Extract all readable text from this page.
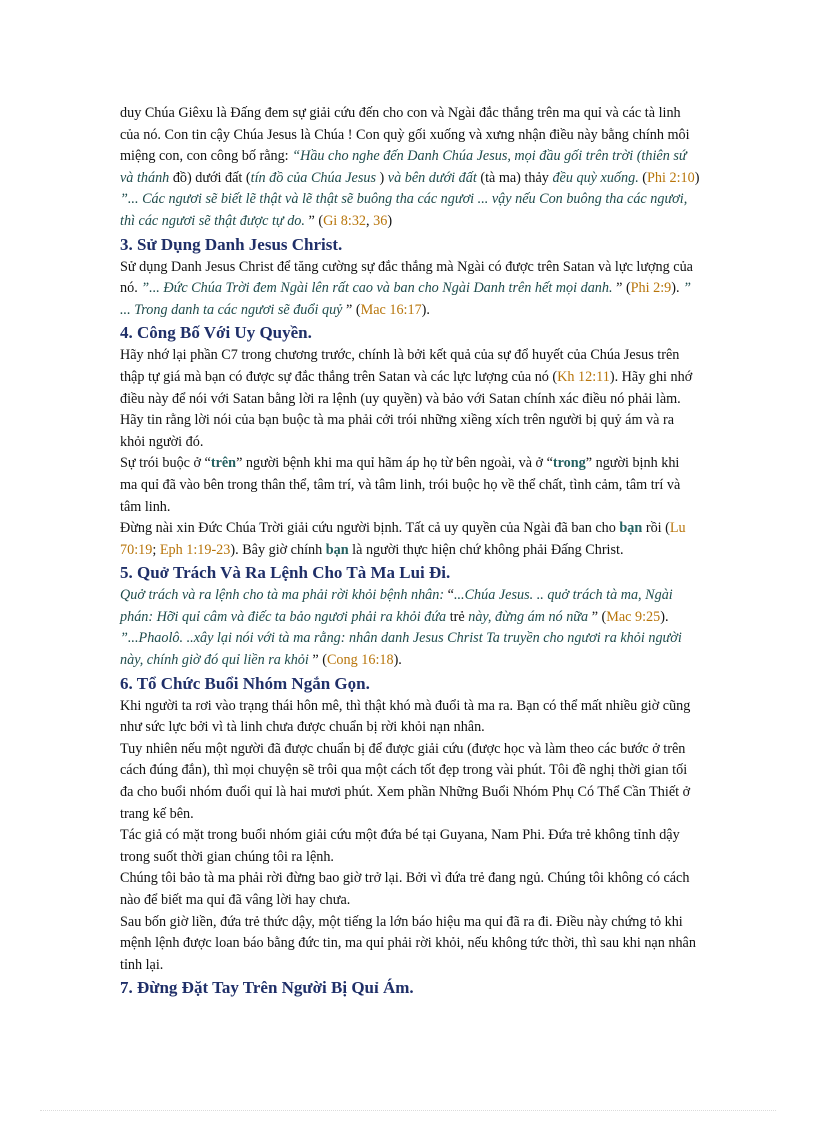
duy Chúa Giêxu là Đấng đem sự giải cứu đến cho con và Ngài đắc thắng trên ma quỉ và các tà linh của nó. Con tin cậy Chúa Jesus là Chúa ! Con quỳ gối xuống và xưng nhận điều này bằng chính môi miệng con, con công bố rằng: “Hầu cho nghe đến Danh Chúa Jesus, mọi đầu gối trên trời (thiên sứ và thánh đồ) dưới đất (tín đồ của Chúa Jesus ) và bên dưới đất (tà ma) thảy đều quỳ xuống. (Phi 2:10)

”... Các ngươi sẽ biết lẽ thật và lẽ thật sẽ buông tha các ngươi ... vậy nếu Con buông tha các ngươi, thì các ngươi sẽ thật được tự do. ” (Gi 8:32, 36)

3. Sử Dụng Danh Jesus Christ.

Sử dụng Danh Jesus Christ để tăng cường sự đắc thắng mà Ngài có được trên Satan và lực lượng của nó. ”... Đức Chúa Trời đem Ngài lên rất cao và ban cho Ngài Danh trên hết mọi danh. ” (Phi 2:9). ” ... Trong danh ta các ngươi sẽ đuổi quỷ ” (Mac 16:17).

4. Công Bố Với Uy Quyền.

Hãy nhớ lại phần C7 trong chương trước, chính là bởi kết quả của sự đổ huyết của Chúa Jesus trên thập tự giá mà bạn có được sự đắc thắng trên Satan và các lực lượng của nó (Kh 12:11). Hãy ghi nhớ điều này để nói với Satan bằng lời ra lệnh (uy quyền) và bảo với Satan chính xác điều nó phải làm. Hãy tin rằng lời nói của bạn buộc tà ma phải cởi trói những xiềng xích trên người bị quỷ ám và ra khỏi người đó.

Sự trói buộc ở “trên” người bệnh khi ma quỉ hãm áp họ từ bên ngoài, và ở “trong” người bịnh khi ma quỉ đã vào bên trong thân thể, tâm trí, và tâm linh, trói buộc họ về thể chất, tình cảm, tâm trí và tâm linh.

Đừng nài xin Đức Chúa Trời giải cứu người bịnh. Tất cả uy quyền của Ngài đã ban cho bạn rồi (Lu 70:19; Eph 1:19-23). Bây giờ chính bạn là người thực hiện chứ không phải Đấng Christ.

5. Quở Trách Và Ra Lệnh Cho Tà Ma Lui Đi.

Quở trách và ra lệnh cho tà ma phải rời khỏi bệnh nhân: “...Chúa Jesus. .. quở trách tà ma, Ngài phán: Hỡi quỉ câm và điếc ta bảo ngươi phải ra khỏi đứa trẻ này, đừng ám nó nữa ” (Mac 9:25). ”...Phaolô. ..xây lại nói với tà ma rằng: nhân danh Jesus Christ Ta truyền cho ngươi ra khỏi người này, chính giờ đó quỉ liền ra khỏi ” (Cong 16:18).

6. Tổ Chức Buổi Nhóm Ngắn Gọn.

Khi người ta rơi vào trạng thái hôn mê, thì thật khó mà đuổi tà ma ra. Bạn có thể mất nhiều giờ cũng như sức lực bởi vì tà linh chưa được chuẩn bị rời khỏi nạn nhân.

Tuy nhiên nếu một người đã được chuẩn bị để được giải cứu (được học và làm theo các bước ở trên cách đúng đắn), thì mọi chuyện sẽ trôi qua một cách tốt đẹp trong vài phút. Tôi đề nghị thời gian tối đa cho buổi nhóm đuổi quỉ là hai mươi phút. Xem phần Những Buổi Nhóm Phụ Có Thể Cần Thiết ở trang kế bên.

Tác giả có mặt trong buổi nhóm giải cứu một đứa bé tại Guyana, Nam Phi. Đứa trẻ không tỉnh dậy trong suốt thời gian chúng tôi ra lệnh.

Chúng tôi bảo tà ma phải rời đừng bao giờ trở lại. Bởi vì đứa trẻ đang ngủ. Chúng tôi không có cách nào để biết ma quỉ đã vâng lời hay chưa.

Sau bốn giờ liền, đứa trẻ thức dậy, một tiếng la lớn báo hiệu ma quỉ đã ra đi. Điều này chứng tỏ khi mệnh lệnh được loan báo bằng đức tin, ma quỉ phải rời khỏi, nếu không tức thời, thì sau khi nạn nhân tỉnh lại.

7. Đừng Đặt Tay Trên Người Bị Quỉ Ám.
